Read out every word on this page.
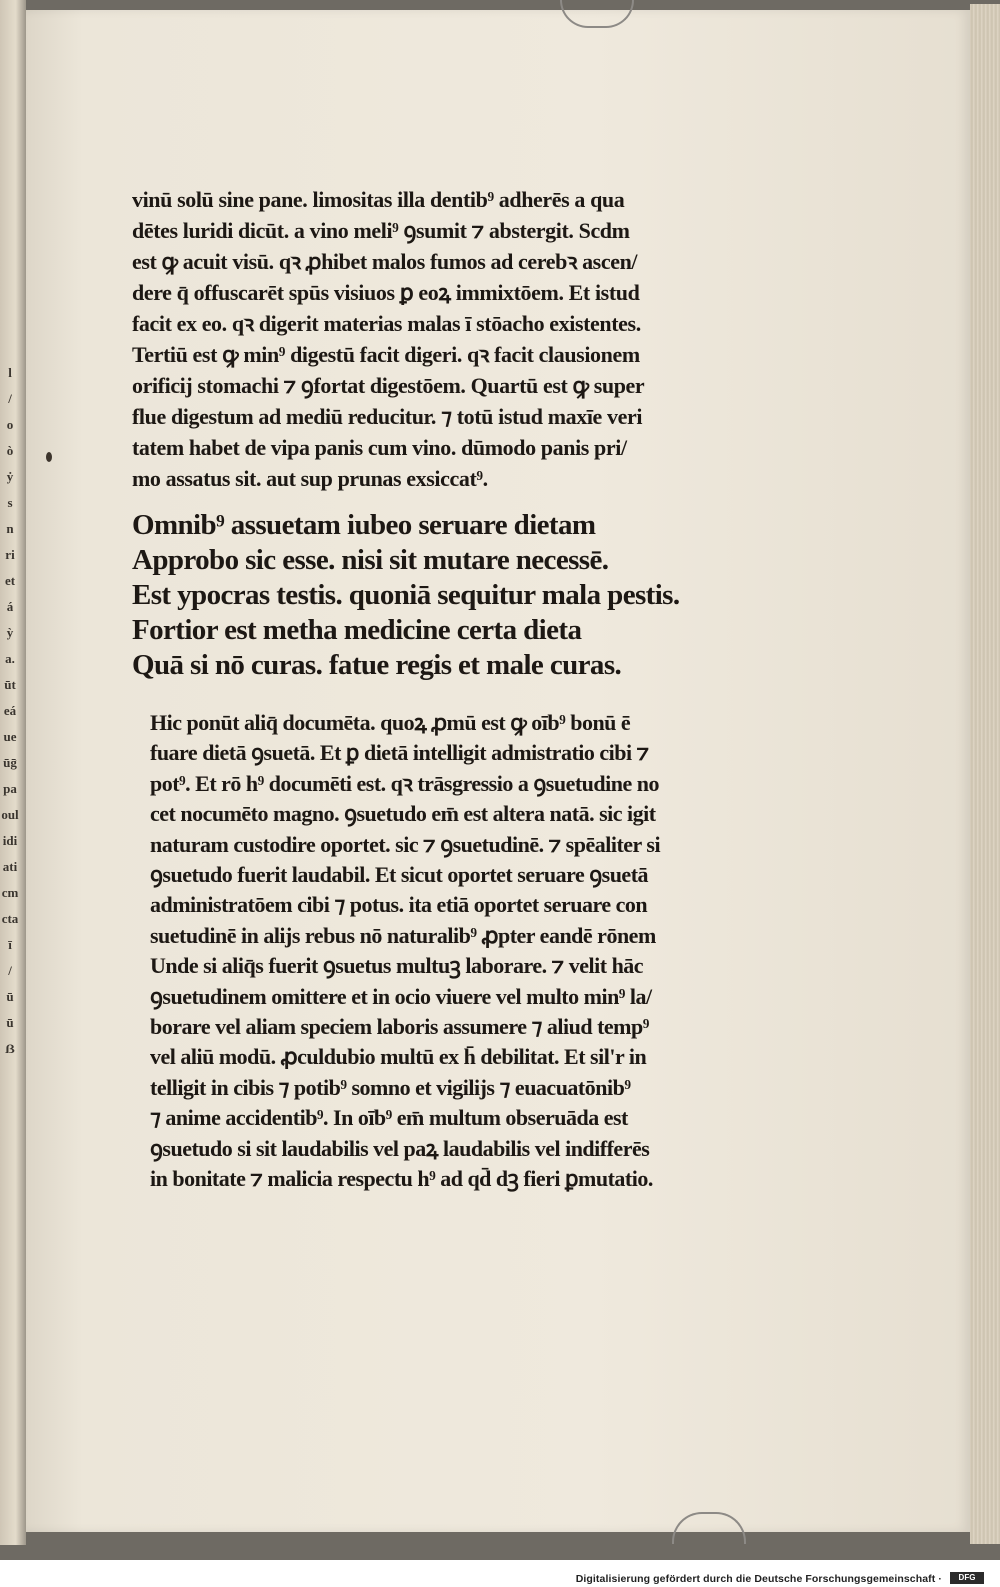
l
/
o
ò
ẏ
s
n
ri
et
á
ỳ
a.
ūt
eá
ue
ūḡ
pa
oul
idi
ati
cm
cta
ī
/
ū
ū
ẞ
vinū solū sine pane. limositas illa dentib⁹ adherēs a qua
dētes luridi dicūt. a vino meli⁹ ꝯsumit ⁊ abstergit. Scdm
est ꝙ acuit visū. qꝛ ꝓhibet malos fumos ad cerebꝛ ascen/
dere q̄ offuscarēt spūs visiuos ꝑ eoꝝ immixtōem. Et istud
facit ex eo. qꝛ digerit materias malas ī stōacho existentes.
Tertiū est ꝙ min⁹ digestū facit digeri. qꝛ facit clausionem
orificij stomachi ⁊ ꝯfortat digestōem. Quartū est ꝙ super
flue digestum ad mediū reducitur. ⁊ totū istud maxīe veri
tatem habet de vipa panis cum vino. dūmodo panis pri/
mo assatus sit. aut sup prunas exsiccat⁹.
Omnib⁹ assuetam iubeo seruare dietam
Approbo sic esse. nisi sit mutare necessē.
Est ypocras testis. quoniā sequitur mala pestis.
Fortior est metha medicine certa dieta
Quā si nō curas. fatue regis et male curas.
Hic ponūt aliq̄ documēta. quoꝝ ꝓmū est ꝙ oīb⁹ bonū ē
fuare dietā ꝯsuetā. Et ꝑ dietā intelligit admistratio cibi ⁊
pot⁹. Et rō h⁹ documēti est. qꝛ trāsgressio a ꝯsuetudine no
cet nocumēto magno. ꝯsuetudo em̄ est altera natā. sic igit
naturam custodire oportet. sic ⁊ ꝯsuetudinē. ⁊ spēaliter si
ꝯsuetudo fuerit laudabil. Et sicut oportet seruare ꝯsuetā
administratōem cibi ⁊ potus. ita etiā oportet seruare con
suetudinē in alijs rebus nō naturalib⁹ ꝓpter eandē rōnem
Unde si aliq̄s fuerit ꝯsuetus multuꝫ laborare. ⁊ velit hāc
ꝯsuetudinem omittere et in ocio viuere vel multo min⁹ la/
borare vel aliam speciem laboris assumere ⁊ aliud temp⁹
vel aliū modū. ꝓculdubio multū ex h̄ debilitat. Et sil'r in
telligit in cibis ⁊ potib⁹ somno et vigilijs ⁊ euacuatōnib⁹
⁊ anime accidentib⁹. In oīb⁹ em̄ multum obseruāda est
ꝯsuetudo si sit laudabilis vel paꝝ laudabilis vel indifferēs
in bonitate ⁊ malicia respectu h⁹ ad qd̄ dꝫ fieri ꝑmutatio.
Digitalisierung gefördert durch die Deutsche Forschungsgemeinschaft ·	DFG
